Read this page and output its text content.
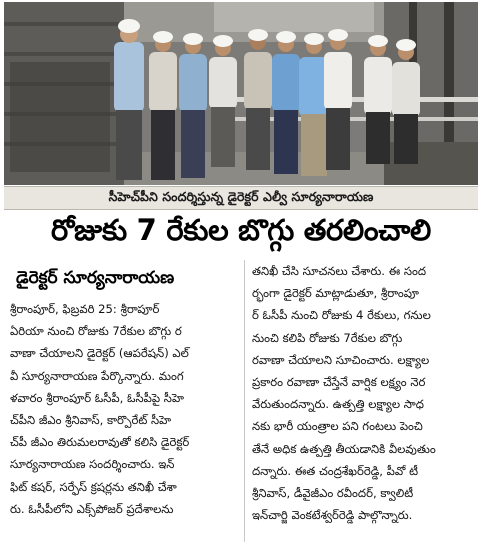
సీహెచ్‌పీని సందర్శిస్తున్న డైరెక్టర్ ఎల్వీ సూర్యనారాయణ
రోజుకు 7 రేకుల బొగ్గు తరలించాలి
డైరెక్టర్ సూర్యనారాయణ
శ్రీరాంపూర్, ఫిబ్రవరి 25: శ్రీరాపూర్
ఏరియా నుంచి రోజుకు 7రేకుల బొగ్గు ర
వాణా చేయాలని డైరెక్టర్ (ఆపరేషన్) ఎల్
వీ సూర్యనారాయణ పేర్కొన్నారు. మంగ
ళవారం శ్రీరాంపూర్ ఓసీపీ, ఓసీపీపై సీహె
చ్‌పీని జీఎం శ్రీనివాస్, కార్పొరేట్ సీహె
చ్‌పీ జీఎం తిరుమలరావుతో కలిసి డైరెక్టర్
సూర్యనారాయణ సందర్శించారు. ఇన్
ఫిట్ కషర్, సర్ఫేస్ క్రషర్లను తనిఖీ చేశా
రు. ఓసీపీలోని ఎక్స్‌పోజర్ ప్రదేశాలను
తనిఖీ చేసి సూచనలు చేశారు. ఈ సంద
ర్భంగా డైరెక్టర్ మాట్లాడుతూ, శ్రీరాంపూ
ర్ ఓసీపీ నుంచి రోజుకు 4 రేకులు, గనుల
నుంచి కలిపి రోజుకు 7రేకుల బొగ్గు
రవాణా చేయాలని సూచించారు. లక్ష్యాల
ప్రకారం రవాణా చేస్తేనే వార్షిక లక్ష్యం నెర
వేరుతుందన్నారు. ఉత్పత్తి లక్ష్యాల సాధ
నకు భారీ యంత్రాల పని గంటలు పెంచి
తేనే అధిక ఉత్పత్తి తీయడానికి వీలవుతుం
దన్నారు. ఈత చంద్రశేఖర్‌రెడ్డి, పీవో టీ
శ్రీనివాస్, డీవైజీఎం రవీందర్, క్వాలిటీ
ఇన్‌చార్జి వెంకటేశ్వర్‌రెడ్డి పాల్గొన్నారు.
